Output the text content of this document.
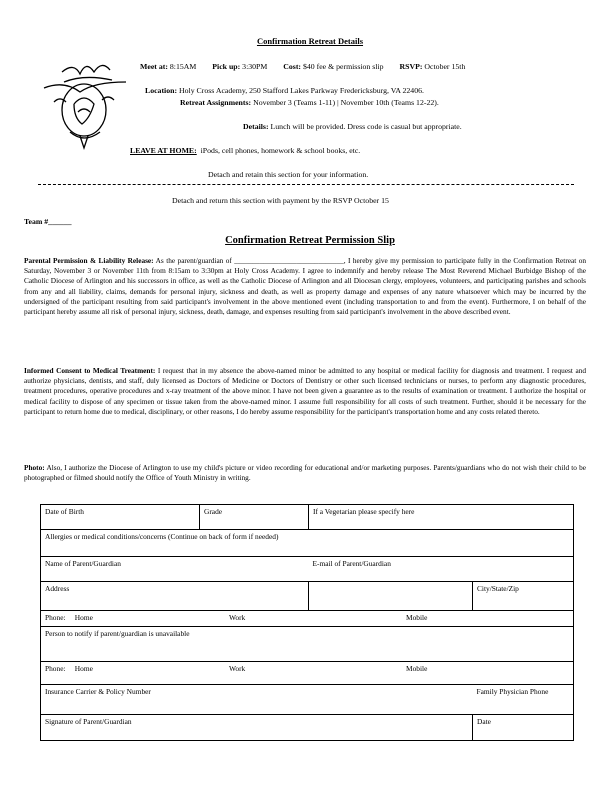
Confirmation Retreat Details
Meet at: 8:15AM Pick up: 3:30PM Cost: $40 fee & permission slip RSVP: October 15th
Location: Holy Cross Academy, 250 Stafford Lakes Parkway Fredericksburg, VA 22406.
Retreat Assignments: November 3 (Teams 1-11) | November 10th (Teams 12-22).
Details: Lunch will be provided. Dress code is casual but appropriate.
LEAVE AT HOME: iPods, cell phones, homework & school books, etc.
Detach and retain this section for your information.
Detach and return this section with payment by the RSVP October 15
Team #______
Confirmation Retreat Permission Slip
Parental Permission & Liability Release: As the parent/guardian of ______________________________, I hereby give my permission to participate fully in the Confirmation Retreat on Saturday, November 3 or November 11th from 8:15am to 3:30pm at Holy Cross Academy. I agree to indemnify and hereby release The Most Reverend Michael Burbidge Bishop of the Catholic Diocese of Arlington and his successors in office, as well as the Catholic Diocese of Arlington and all Diocesan clergy, employees, volunteers, and participating parishes and schools from any and all liability, claims, demands for personal injury, sickness and death, as well as property damage and expenses of any nature whatsoever which may be incurred by the undersigned of the participant resulting from said participant's involvement in the above mentioned event (including transportation to and from the event). Furthermore, I on behalf of the participant hereby assume all risk of personal injury, sickness, death, damage, and expenses resulting from said participant's involvement in the above described event.
Informed Consent to Medical Treatment: I request that in my absence the above-named minor be admitted to any hospital or medical facility for diagnosis and treatment. I request and authorize physicians, dentists, and staff, duly licensed as Doctors of Medicine or Doctors of Dentistry or other such licensed technicians or nurses, to perform any diagnostic procedures, treatment procedures, operative procedures and x-ray treatment of the above minor. I have not been given a guarantee as to the results of examination or treatment. I authorize the hospital or medical facility to dispose of any specimen or tissue taken from the above-named minor. I assume full responsibility for all costs of such treatment. Further, should it be necessary for the participant to return home due to medical, disciplinary, or other reasons, I do hereby assume responsibility for the participant's transportation home and any costs related thereto.
Photo: Also, I authorize the Diocese of Arlington to use my child's picture or video recording for educational and/or marketing purposes. Parents/guardians who do not wish their child to be photographed or filmed should notify the Office of Youth Ministry in writing.
Date of Birth	Grade	If a Vegetarian please specify here	
Allergies or medical conditions/concerns (Continue on back of form if needed)			
Name of Parent/Guardian		E-mail of Parent/Guardian	
Address			City/State/Zip
Phone: Home Work Mobile			

Person to notify if parent/guardian is unavailable			
Phone: Home Work Mobile			

Insurance Carrier & Policy Number			Family Physician Phone
Signature of Parent/Guardian			Date
